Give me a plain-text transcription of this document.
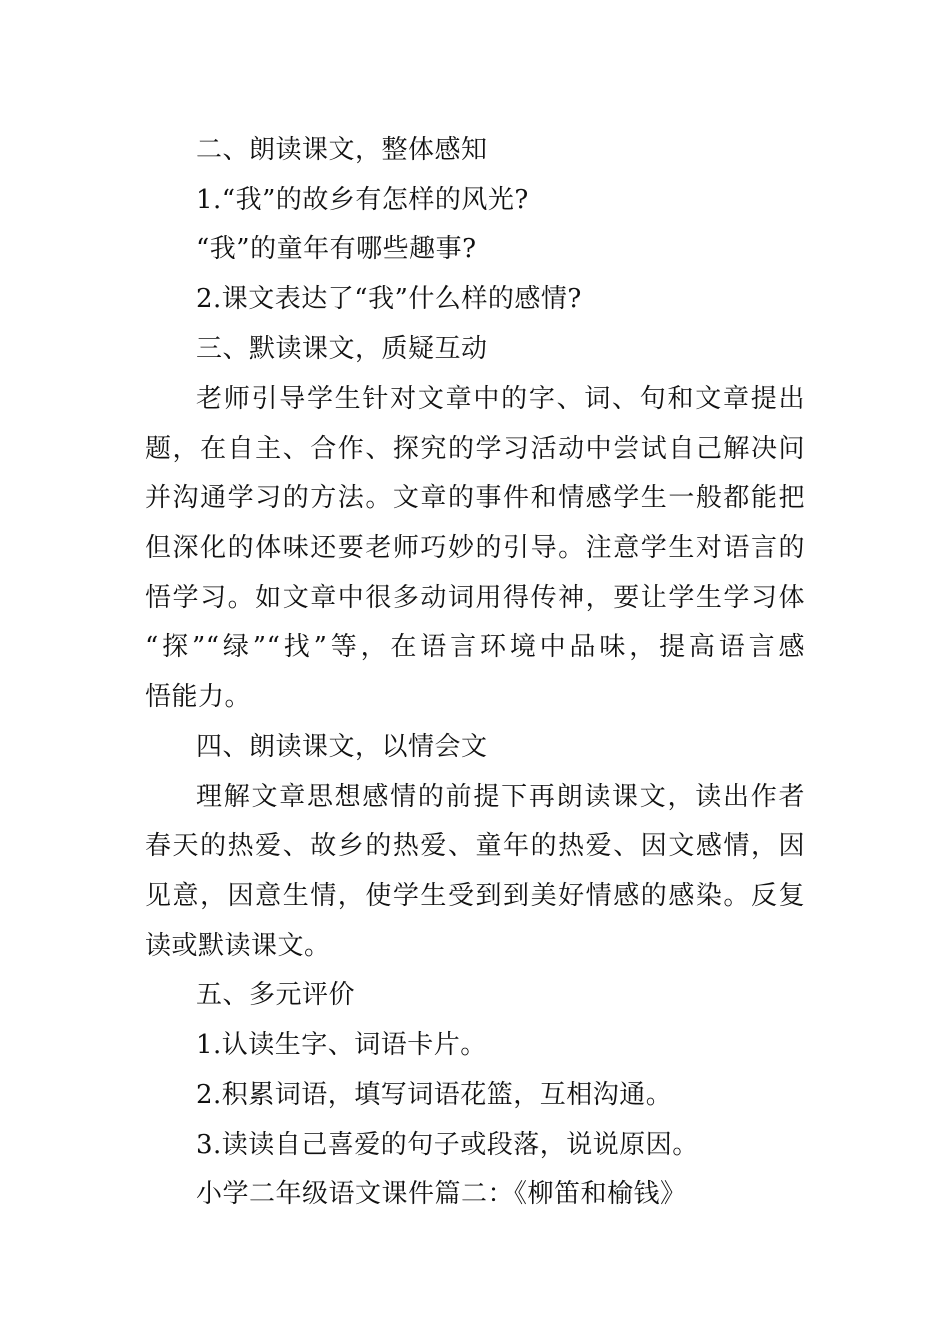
二、朗读课文，整体感知
1.“我”的故乡有怎样的风光?
“我”的童年有哪些趣事?
2.课文表达了“我”什么样的感情?
三、默读课文，质疑互动
老师引导学生针对文章中的字、词、句和文章提出
题，在自主、合作、探究的学习活动中尝试自己解决问
并沟通学习的方法。文章的事件和情感学生一般都能把
但深化的体味还要老师巧妙的引导。注意学生对语言的
悟学习。如文章中很多动词用得传神，要让学生学习体
“探”“绿”“找”等，在语言环境中品味，提高语言感
悟能力。
四、朗读课文，以情会文
理解文章思想感情的前提下再朗读课文，读出作者
春天的热爱、故乡的热爱、童年的热爱、因文感情，因
见意，因意生情，使学生受到到美好情感的感染。反复
读或默读课文。
五、多元评价
1.认读生字、词语卡片。
2.积累词语，填写词语花篮，互相沟通。
3.读读自己喜爱的句子或段落，说说原因。
小学二年级语文课件篇二：《柳笛和榆钱》
